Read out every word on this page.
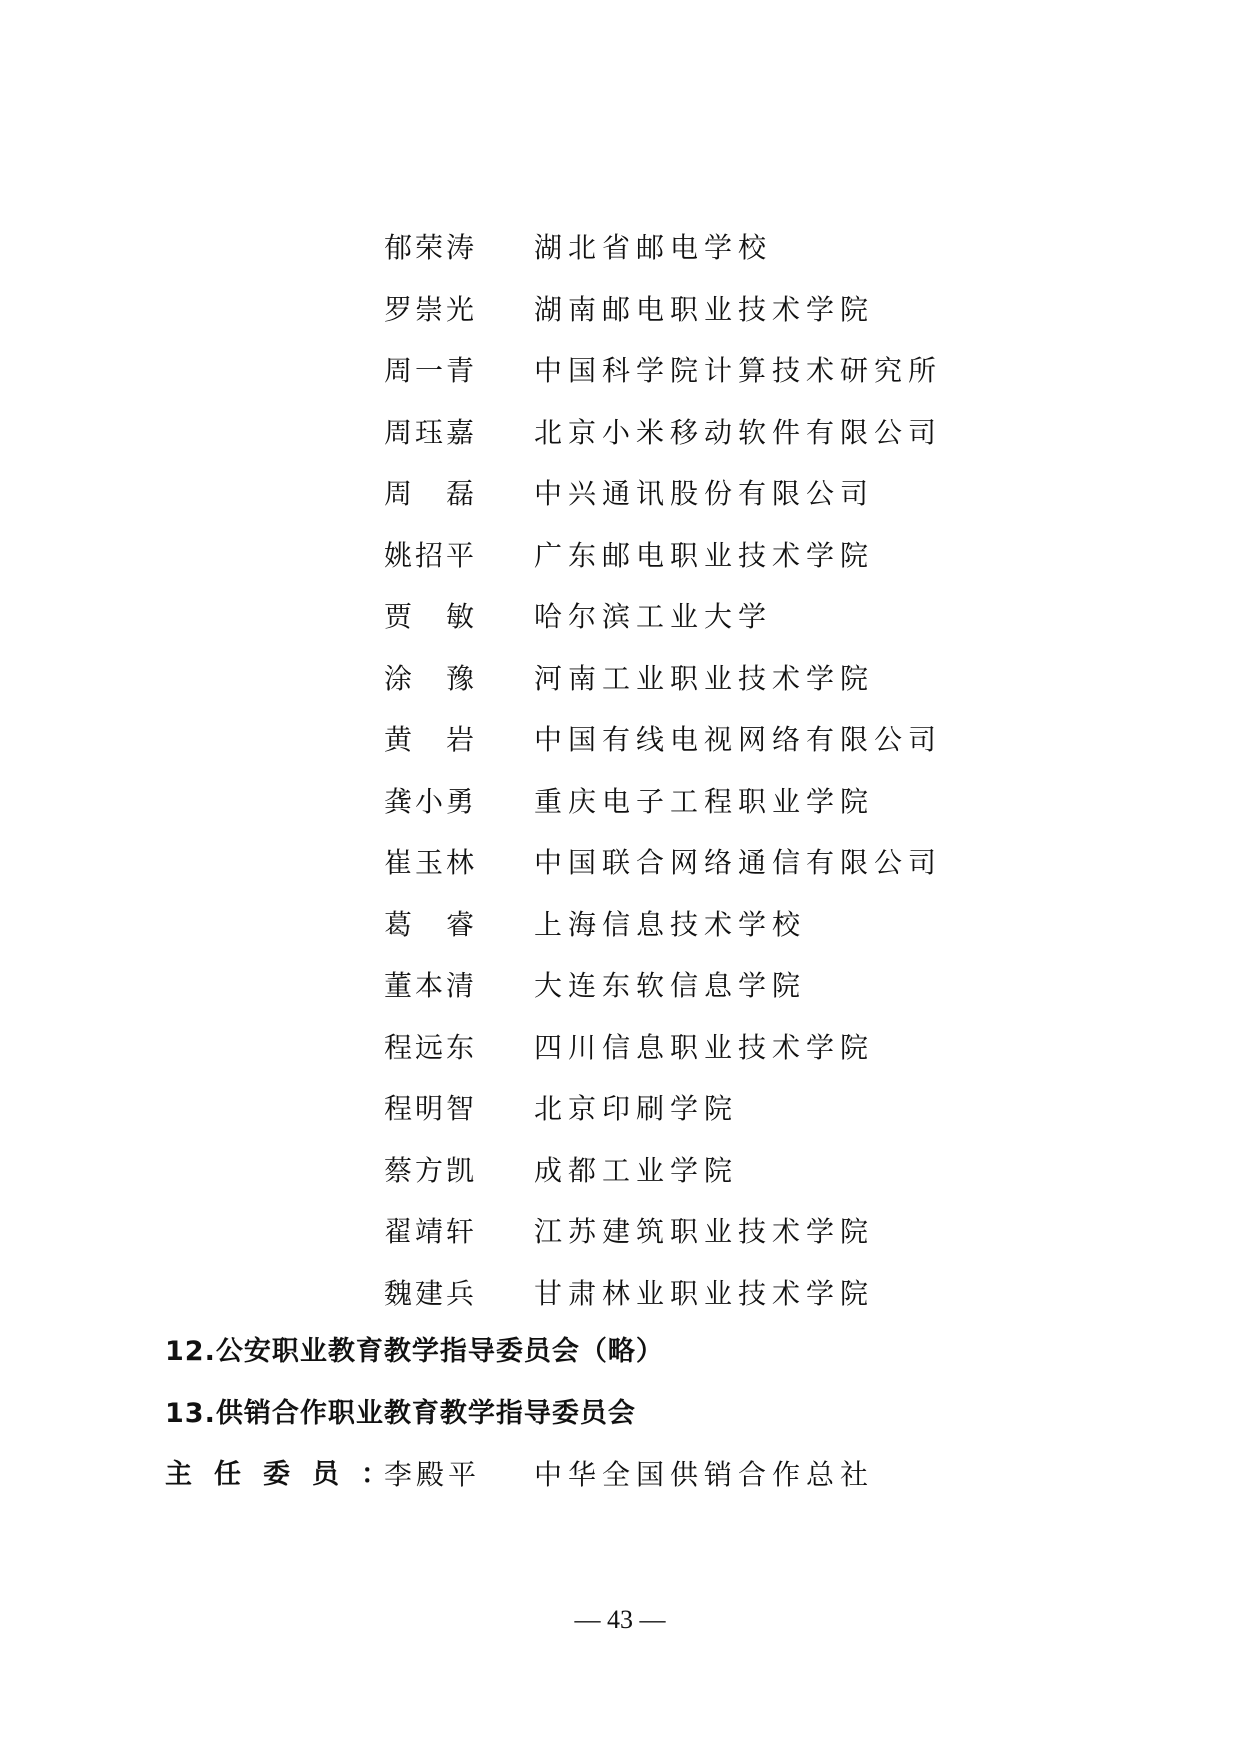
郁 荣 涛 湖北省邮电学校
罗 崇 光 湖南邮电职业技术学院
周 一 青 中国科学院计算技术研究所
周 珏 嘉 北京小米移动软件有限公司
周
　 磊 中兴通讯股份有限公司
姚 招 平 广东邮电职业技术学院
贾
　 敏 哈尔滨工业大学
涂
　 豫 河南工业职业技术学院
黄
　 岩 中国有线电视网络有限公司
龚 小 勇 重庆电子工程职业学院
崔 玉 林 中国联合网络通信有限公司
葛
　 睿 上海信息技术学校
董 本 清 大连东软信息学院
程 远 东 四川信息职业技术学院
程 明 智 北京印刷学院
蔡 方 凯 成都工业学院
翟 靖 轩 江苏建筑职业技术学院
魏 建 兵 甘肃林业职业技术学院
12.公安职业教育教学指导委员会（略）
13.供销合作职业教育教学指导委员会
主任委员：
李殿平 中华全国供销合作总社
— 43 —
